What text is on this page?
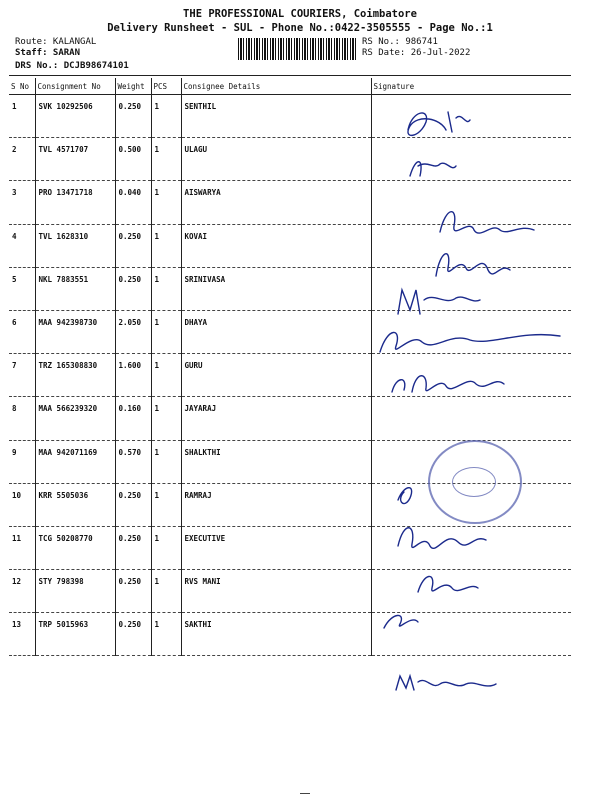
THE PROFESSIONAL COURIERS, Coimbatore
Delivery Runsheet - SUL - Phone No.:0422-3505555 - Page No.:1
Route: KALANGAL
Staff: SARAN
DRS No.: DCJB98674101
RS No.: 986741
RS Date: 26-Jul-2022
S No	Consignment No	Weight	PCS	Consignee Details	Signature
1	SVK 10292506	0.250	1	SENTHIL	
2	TVL 4571707	0.500	1	ULAGU	
3	PRO 13471718	0.040	1	AISWARYA	
4	TVL 1628310	0.250	1	KOVAI	
5	NKL 7883551	0.250	1	SRINIVASA	
6	MAA 942398730	2.050	1	DHAYA	
7	TRZ 165308830	1.600	1	GURU	
8	MAA 566239320	0.160	1	JAYARAJ	
9	MAA 942071169	0.570	1	SHALKTHI	
10	KRR 5505036	0.250	1	RAMRAJ	
11	TCG 50208770	0.250	1	EXECUTIVE	
12	STY 798398	0.250	1	RVS MANI	
13	TRP 5015963	0.250	1	SAKTHI	
